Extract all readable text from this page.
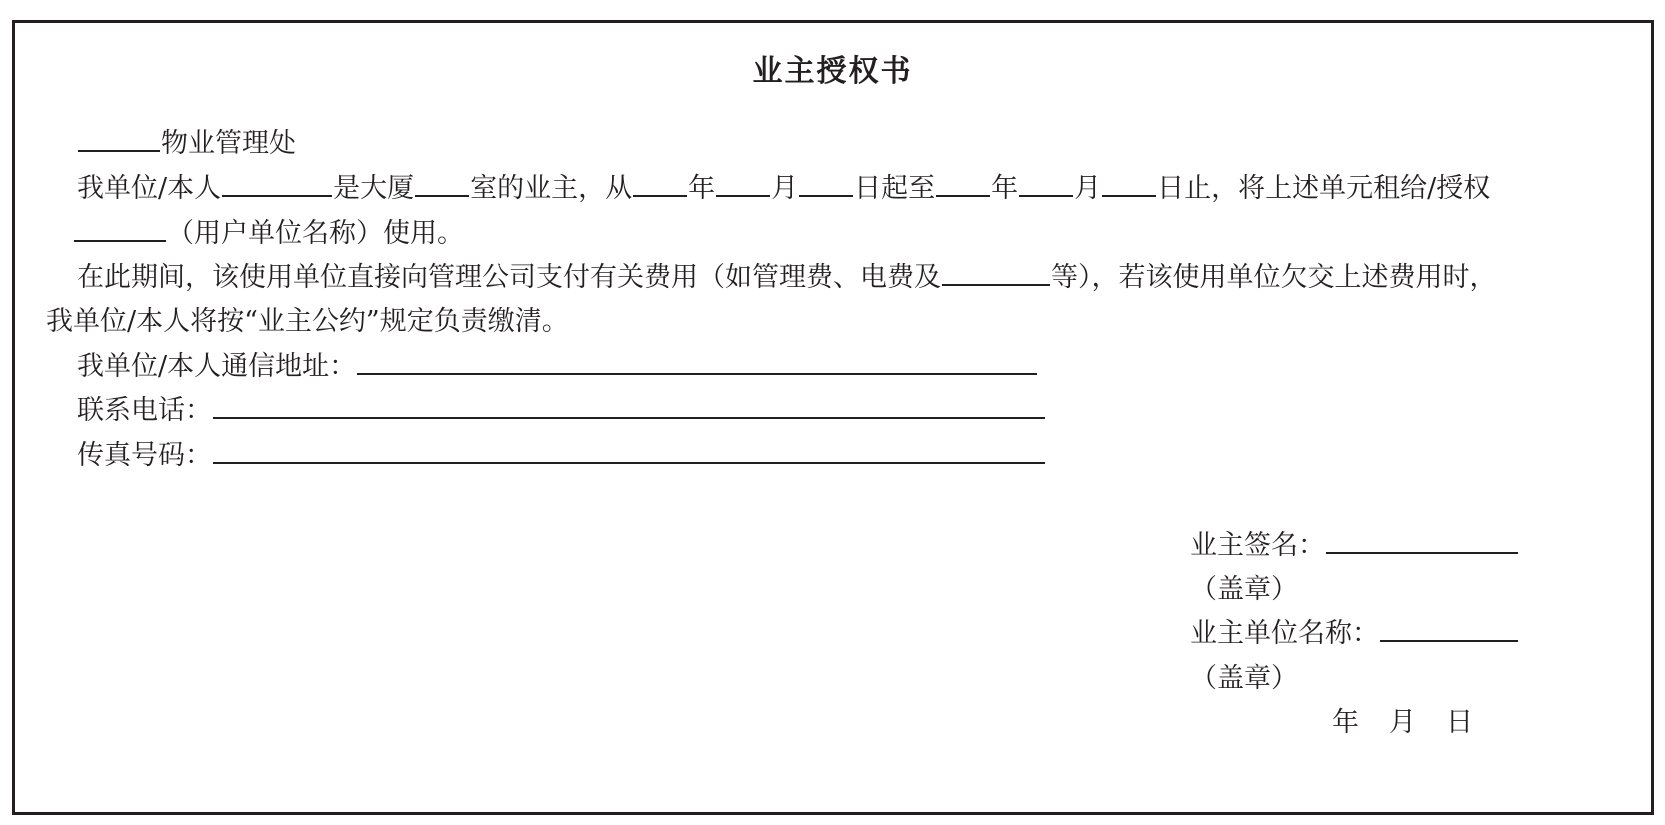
业主授权书
物业管理处
我单位/本人	是大厦 室的业主，从 年 月 日起至 年 月 日止，将上述单元租给/授权
（用户单位名称）使用。
在此期间，该使用单位直接向管理公司支付有关费用（如管理费、电费及	等），若该使用单位欠交上述费用时，
我单位/本人将按“业主公约”规定负责缴清。
我单位/本人通信地址：
联系电话：
传真号码：
业主签名：
（盖章）
业主单位名称：
（盖章）
年 月 日
